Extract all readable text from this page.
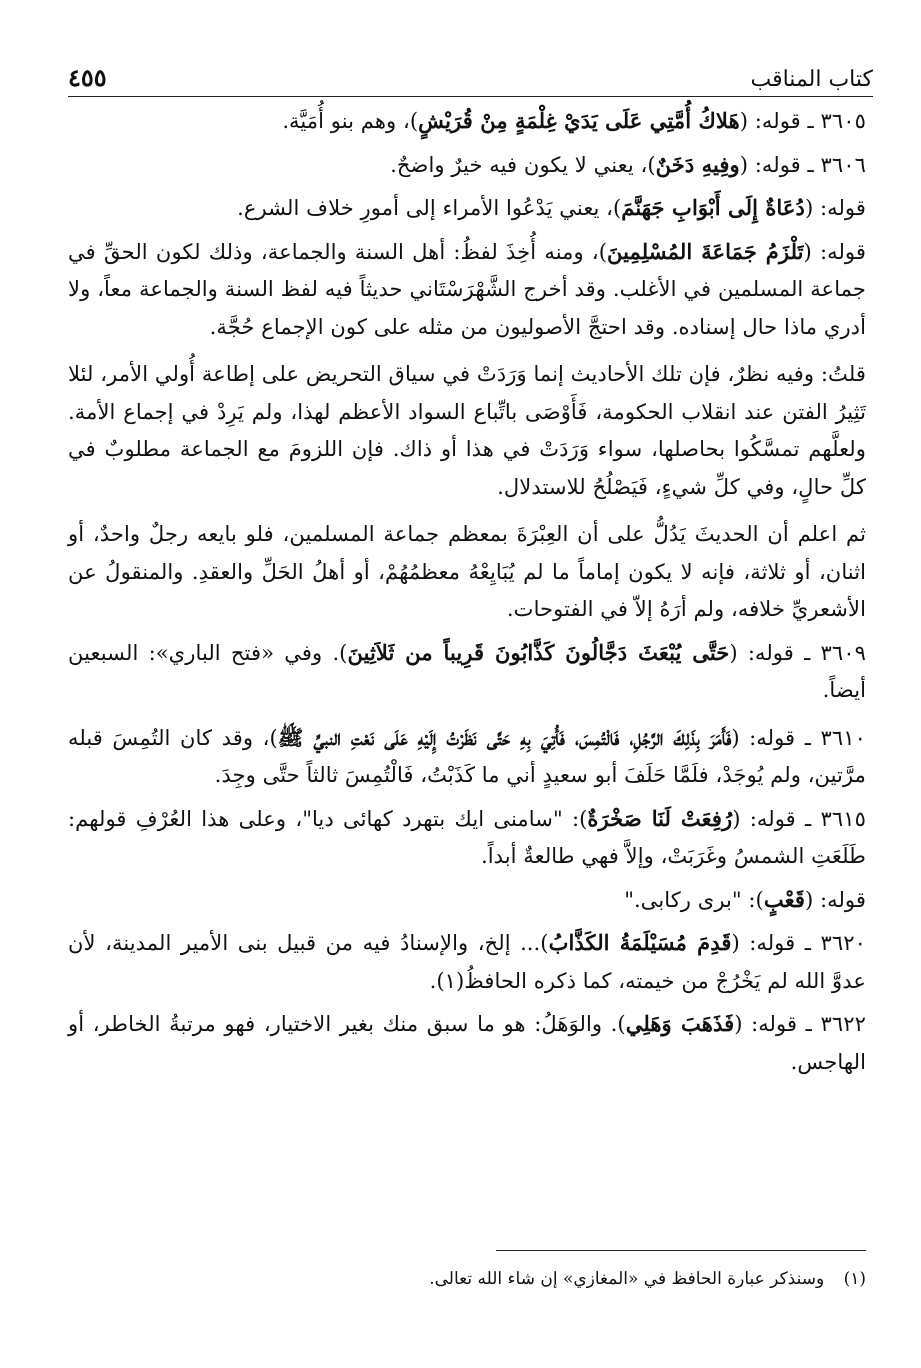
٤٥٥	كتاب المناقب

٣٦٠٥ ـ قوله: (هَلاكُ أُمَّتِي عَلَى يَدَيْ غِلْمَةٍ مِنْ قُرَيْشٍ)، وهم بنو أُمَيَّة.

٣٦٠٦ ـ قوله: (وفِيهِ دَخَنٌ)، يعني لا يكون فيه خيرٌ واضحٌ.

قوله: (دُعَاةٌ إِلَى أَبْوَابِ جَهَنَّمَ)، يعني يَدْعُوا الأمراء إلى أمورِ خلاف الشرع.

قوله: (تَلْزَمُ جَمَاعَةَ المُسْلِمِينَ)، ومنه أُخِذَ لفظُ: أهل السنة والجماعة، وذلك لكون الحقِّ في جماعة المسلمين في الأغلب. وقد أخرج الشَّهْرَسْتَاني حديثاً فيه لفظ السنة والجماعة معاً، ولا أدري ماذا حال إسناده. وقد احتجَّ الأصوليون من مثله على كون الإجماع حُجَّة.

قلتُ: وفيه نظرٌ، فإن تلك الأحاديث إنما وَرَدَتْ في سياق التحريض على إطاعة أُولي الأمر، لئلا تَثِيرُ الفتن عند انقلاب الحكومة، فَأَوْصَى باتِّباع السواد الأعظم لهذا، ولم يَرِدْ في إجماع الأمة. ولعلَّهم تمسَّكُوا بحاصلها، سواء وَرَدَتْ في هذا أو ذاك. فإن اللزومَ مع الجماعة مطلوبٌ في كلِّ حالٍ، وفي كلِّ شيءٍ، فَيَصْلُحُ للاستدلال.

ثم اعلم أن الحديثَ يَدُلُّ على أن العِبْرَةَ بمعظم جماعة المسلمين، فلو بايعه رجلٌ واحدٌ، أو اثنان، أو ثلاثة، فإنه لا يكون إماماً ما لم يُبَايِعْهُ معظمُهُمْ، أو أهلُ الحَلِّ والعقدِ. والمنقولُ عن الأشعريِّ خلافه، ولم أرَهُ إلاّ في الفتوحات.

٣٦٠٩ ـ قوله: (حَتَّى يُبْعَثَ دَجَّالُونَ كَذَّابُونَ قَرِيباً من ثَلاَثِينَ). وفي «فتح الباري»: السبعين أيضاً.

٣٦١٠ ـ قوله: (فَأَمَرَ بِذَلِكَ الرَّجُلِ، فَالْتُمِسَ، فَأُتِيَ بِهِ حَتَّى نَظَرْتُ إِلَيْهِ عَلَى نَعْتِ النبيِّ ﷺ)، وقد كان التُمِسَ قبله مرَّتين، ولم يُوجَدْ، فلَمَّا حَلَفَ أبو سعيدٍ أني ما كَذَبْتُ، فَالْتُمِسَ ثالثاً حتَّى وجِدَ.

٣٦١٥ ـ قوله: (رُفِعَتْ لَنَا صَخْرَةٌ): "سامنى ايك بتهرد كهائى ديا"، وعلى هذا العُرْفِ قولهم: طَلَعَتِ الشمسُ وغَرَبَتْ، وإلاَّ فهي طالعةٌ أبداً.

قوله: (قَعْبٍ): "برى ركابى."

٣٦٢٠ ـ قوله: (قَدِمَ مُسَيْلَمَةُ الكَذَّابُ)... إلخ، والإسنادُ فيه من قبيل بنى الأمير المدينة، لأن عدوَّ الله لم يَخْرُجْ من خيمته، كما ذكره الحافظُ(١).

٣٦٢٢ ـ قوله: (فَذَهَبَ وَهَلِي). والوَهَلُ: هو ما سبق منك بغير الاختيار، فهو مرتبةُ الخاطر، أو الهاجس.

(١) وسنذكر عبارة الحافظ في «المغازي» إن شاء الله تعالى.
